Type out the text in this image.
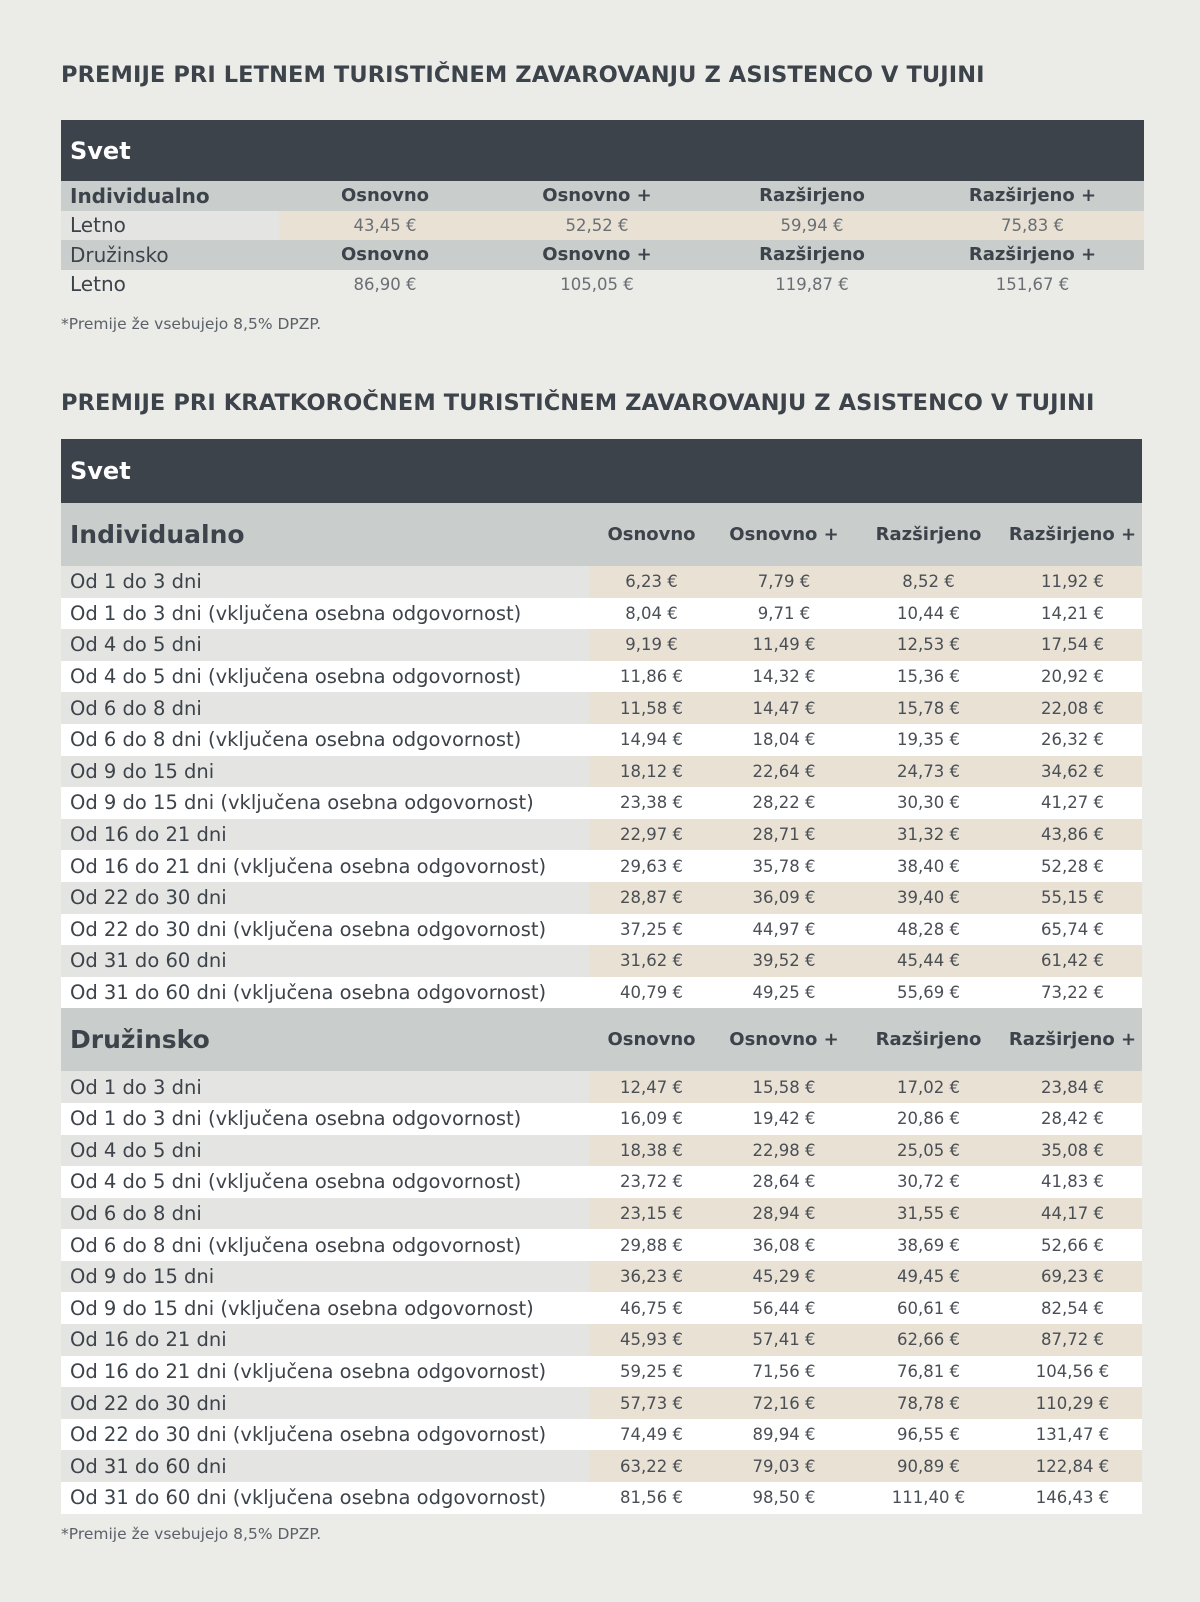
PREMIJE PRI LETNEM TURISTIČNEM ZAVAROVANJU Z ASISTENCO V TUJINI
Svet
Individualno	Osnovno	Osnovno +	Razširjeno	Razširjeno +
Letno	43,45 €	52,52 €	59,94 €	75,83 €
Družinsko	Osnovno	Osnovno +	Razširjeno	Razširjeno +
Letno	86,90 €	105,05 €	119,87 €	151,67 €
*Premije že vsebujejo 8,5% DPZP.
PREMIJE PRI KRATKOROČNEM TURISTIČNEM ZAVAROVANJU Z ASISTENCO V TUJINI
Svet
Individualno	Osnovno	Osnovno +	Razširjeno	Razširjeno +
Od 1 do 3 dni	6,23 €	7,79 €	8,52 €	11,92 €
Od 1 do 3 dni (vključena osebna odgovornost)	8,04 €	9,71 €	10,44 €	14,21 €
Od 4 do 5 dni	9,19 €	11,49 €	12,53 €	17,54 €
Od 4 do 5 dni (vključena osebna odgovornost)	11,86 €	14,32 €	15,36 €	20,92 €
Od 6 do 8 dni	11,58 €	14,47 €	15,78 €	22,08 €
Od 6 do 8 dni (vključena osebna odgovornost)	14,94 €	18,04 €	19,35 €	26,32 €
Od 9 do 15 dni	18,12 €	22,64 €	24,73 €	34,62 €
Od 9 do 15 dni (vključena osebna odgovornost)	23,38 €	28,22 €	30,30 €	41,27 €
Od 16 do 21 dni	22,97 €	28,71 €	31,32 €	43,86 €
Od 16 do 21 dni (vključena osebna odgovornost)	29,63 €	35,78 €	38,40 €	52,28 €
Od 22 do 30 dni	28,87 €	36,09 €	39,40 €	55,15 €
Od 22 do 30 dni (vključena osebna odgovornost)	37,25 €	44,97 €	48,28 €	65,74 €
Od 31 do 60 dni	31,62 €	39,52 €	45,44 €	61,42 €
Od 31 do 60 dni (vključena osebna odgovornost)	40,79 €	49,25 €	55,69 €	73,22 €
Družinsko	Osnovno	Osnovno +	Razširjeno	Razširjeno +
Od 1 do 3 dni	12,47 €	15,58 €	17,02 €	23,84 €
Od 1 do 3 dni (vključena osebna odgovornost)	16,09 €	19,42 €	20,86 €	28,42 €
Od 4 do 5 dni	18,38 €	22,98 €	25,05 €	35,08 €
Od 4 do 5 dni (vključena osebna odgovornost)	23,72 €	28,64 €	30,72 €	41,83 €
Od 6 do 8 dni	23,15 €	28,94 €	31,55 €	44,17 €
Od 6 do 8 dni (vključena osebna odgovornost)	29,88 €	36,08 €	38,69 €	52,66 €
Od 9 do 15 dni	36,23 €	45,29 €	49,45 €	69,23 €
Od 9 do 15 dni (vključena osebna odgovornost)	46,75 €	56,44 €	60,61 €	82,54 €
Od 16 do 21 dni	45,93 €	57,41 €	62,66 €	87,72 €
Od 16 do 21 dni (vključena osebna odgovornost)	59,25 €	71,56 €	76,81 €	104,56 €
Od 22 do 30 dni	57,73 €	72,16 €	78,78 €	110,29 €
Od 22 do 30 dni (vključena osebna odgovornost)	74,49 €	89,94 €	96,55 €	131,47 €
Od 31 do 60 dni	63,22 €	79,03 €	90,89 €	122,84 €
Od 31 do 60 dni (vključena osebna odgovornost)	81,56 €	98,50 €	111,40 €	146,43 €
*Premije že vsebujejo 8,5% DPZP.
